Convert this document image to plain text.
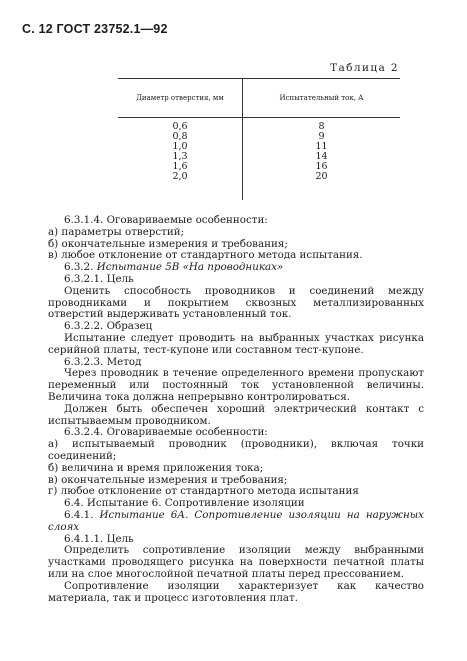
С. 12 ГОСТ 23752.1—92
Таблица 2
Диаметр отверстия, мм	Испытательный ток, А
0,6	8
0,8	9
1,0	11
1,3	14
1,6	16
2,0	20

6.3.1.4. Оговариваемые особенности:

а) параметры отверстий;

б) окончательные измерения и требования;

в) любое отклонение от стандартного метода испытания.

6.3.2. Испытание 5В «На проводниках»

6.3.2.1. Цель

Оценить способность проводников и соединений между проводниками и покрытием сквозных металлизированных отверстий выдерживать установленный ток.

6.3.2.2. Образец

Испытание следует проводить на выбранных участках рисунка серийной платы, тест-купоне или составном тест-купоне.

6.3.2.3. Метод

Через проводник в течение определенного времени пропускают переменный или постоянный ток установленной величины. Величина тока должна непрерывно контролироваться.

Должен быть обеспечен хороший электрический контакт с испытываемым проводником.

6.3.2.4. Оговариваемые особенности:

а) испытываемый проводник (проводники), включая точки соединений;

б) величина и время приложения тока;

в) окончательные измерения и требования;

г) любое отклонение от стандартного метода испытания

6.4. Испытание 6. Сопротивление изоляции

6.4.1. Испытание 6А. Сопротивление изоляции на наружных слоях

6.4.1.1. Цель

Определить сопротивление изоляции между выбранными участками проводящего рисунка на поверхности печатной платы или на слое многослойной печатной платы перед прессованием.

Сопротивление изоляции характеризует как качество материала, так и процесс изготовления плат.
